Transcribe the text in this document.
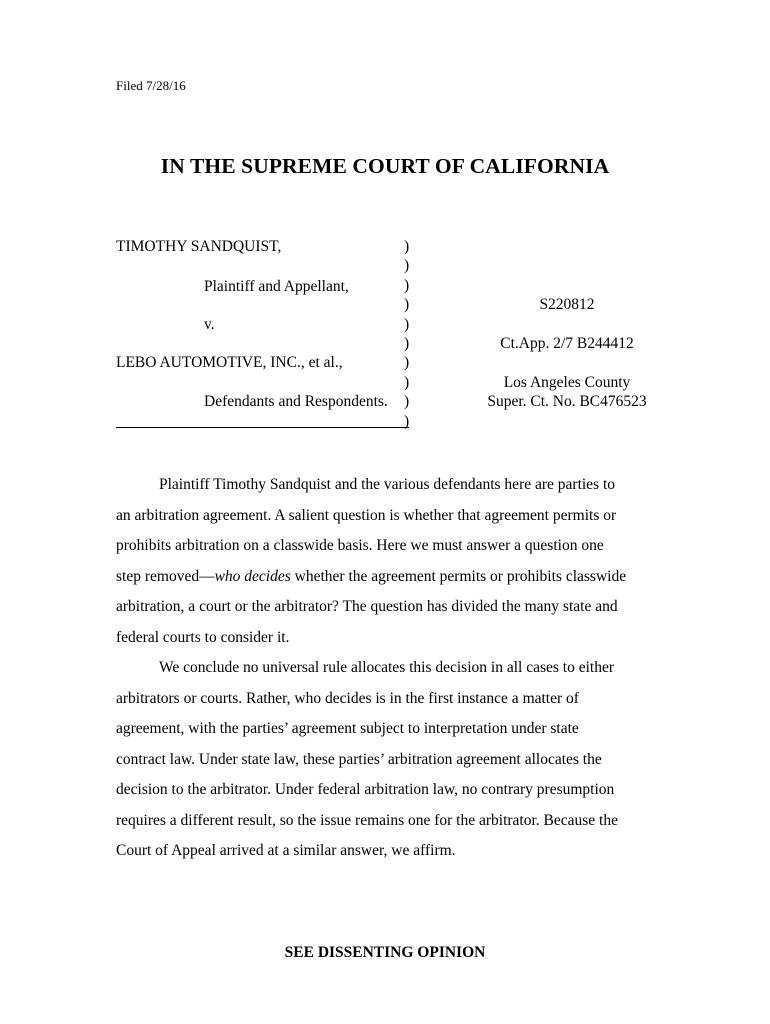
Filed 7/28/16
IN THE SUPREME COURT OF CALIFORNIA
TIMOTHY SANDQUIST,
Plaintiff and Appellant,
v.
LEBO AUTOMOTIVE, INC., et al.,
Defendants and Respondents.
)
)
)
)
)
)
)
)
)
)
S220812
Ct.App. 2/7 B244412
Los Angeles County
Super. Ct. No. BC476523

Plaintiff Timothy Sandquist and the various defendants here are parties to
an arbitration agreement. A salient question is whether that agreement permits or
prohibits arbitration on a classwide basis. Here we must answer a question one
step removed—who decides whether the agreement permits or prohibits classwide
arbitration, a court or the arbitrator? The question has divided the many state and
federal courts to consider it.

We conclude no universal rule allocates this decision in all cases to either
arbitrators or courts. Rather, who decides is in the first instance a matter of
agreement, with the parties’ agreement subject to interpretation under state
contract law. Under state law, these parties’ arbitration agreement allocates the
decision to the arbitrator. Under federal arbitration law, no contrary presumption
requires a different result, so the issue remains one for the arbitrator. Because the
Court of Appeal arrived at a similar answer, we affirm.

SEE DISSENTING OPINION
